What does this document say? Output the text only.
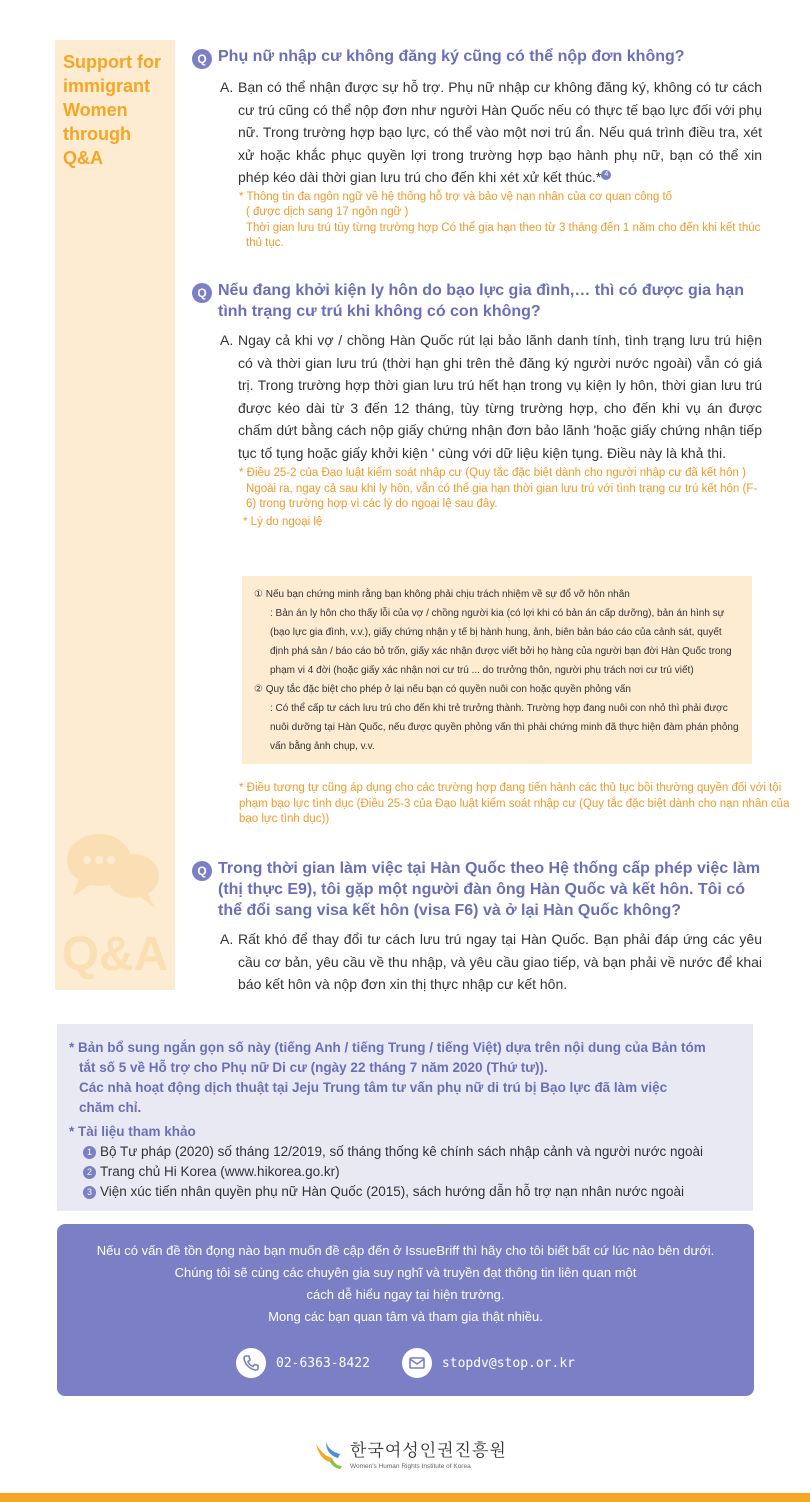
Support for
immigrant
Women
through
Q&A
Q&A
Q Phụ nữ nhập cư không đăng ký cũng có thể nộp đơn không?
A. Bạn có thể nhận được sự hỗ trợ. Phụ nữ nhập cư không đăng ký, không có tư cách cư trú cũng có thể nộp đơn như người Hàn Quốc nếu có thực tế bạo lực đối với phụ nữ. Trong trường hợp bạo lực, có thể vào một nơi trú ẩn. Nếu quá trình điều tra, xét xử hoặc khắc phục quyền lợi trong trường hợp bạo hành phụ nữ, bạn có thể xin phép kéo dài thời gian lưu trú cho đến khi xét xử kết thúc.* $^4$
* Thông tin đa ngôn ngữ về hệ thống hỗ trợ và bảo vệ nạn nhân của cơ quan công tố
( được dịch sang 17 ngôn ngữ )
Thời gian lưu trú tùy từng trường hợp Có thể gia hạn theo từ 3 tháng đến 1 năm cho đến khi kết thúc thủ tục.
Q Nếu đang khởi kiện ly hôn do bạo lực gia đình,… thì có được gia hạn tình trạng cư trú khi không có con không?
A. Ngay cả khi vợ / chồng Hàn Quốc rút lại bảo lãnh danh tính, tình trạng lưu trú hiện có và thời gian lưu trú (thời hạn ghi trên thẻ đăng ký người nước ngoài) vẫn có giá trị. Trong trường hợp thời gian lưu trú hết hạn trong vụ kiện ly hôn, thời gian lưu trú được kéo dài từ 3 đến 12 tháng, tùy từng trường hợp, cho đến khi vụ án được chấm dứt bằng cách nộp giấy chứng nhận đơn bảo lãnh 'hoặc giấy chứng nhận tiếp tục tố tụng hoặc giấy khởi kiện ' cùng với dữ liệu kiện tụng. Điều này là khả thi.
* Điều 25-2 của Đạo luật kiểm soát nhập cư (Quy tắc đặc biệt dành cho người nhập cư đã kết hôn )
Ngoài ra, ngay cả sau khi ly hôn, vẫn có thể gia hạn thời gian lưu trú với tình trạng cư trú kết hôn (F-6) trong trường hợp vì các lý do ngoại lệ sau đây.
* Lý do ngoại lệ
① Nếu bạn chứng minh rằng bạn không phải chịu trách nhiệm về sự đổ vỡ hôn nhân
: Bản án ly hôn cho thấy lỗi của vợ / chồng người kia (có lợi khi có bản án cấp dưỡng), bản án hình sự (bạo lực gia đình, v.v.), giấy chứng nhận y tế bị hành hung, ảnh, biên bản báo cáo của cảnh sát, quyết định phá sản / báo cáo bỏ trốn, giấy xác nhận được viết bởi họ hàng của người bạn đời Hàn Quốc trong phạm vi 4 đời (hoặc giấy xác nhận nơi cư trú ... do trưởng thôn, người phụ trách nơi cư trú viết)
② Quy tắc đặc biệt cho phép ở lại nếu bạn có quyền nuôi con hoặc quyền phỏng vấn
: Có thể cấp tư cách lưu trú cho đến khi trẻ trưởng thành. Trường hợp đang nuôi con nhỏ thì phải được nuôi dưỡng tại Hàn Quốc, nếu được quyền phỏng vấn thì phải chứng minh đã thực hiện đàm phán phỏng vấn bằng ảnh chụp, v.v.
* Điều tương tự cũng áp dụng cho các trường hợp đang tiến hành các thủ tục bồi thường quyền đối với tội phạm bạo lực tình dục (Điều 25-3 của Đạo luật kiểm soát nhập cư (Quy tắc đặc biệt dành cho nạn nhân của bạo lực tình dục))
Q Trong thời gian làm việc tại Hàn Quốc theo Hệ thống cấp phép việc làm (thị thực E9), tôi gặp một người đàn ông Hàn Quốc và kết hôn. Tôi có thể đổi sang visa kết hôn (visa F6) và ở lại Hàn Quốc không?
A. Rất khó để thay đổi tư cách lưu trú ngay tại Hàn Quốc. Bạn phải đáp ứng các yêu cầu cơ bản, yêu cầu về thu nhập, và yêu cầu giao tiếp, và bạn phải về nước để khai báo kết hôn và nộp đơn xin thị thực nhập cư kết hôn.
* Bản bổ sung ngắn gọn số này (tiếng Anh / tiếng Trung / tiếng Việt) dựa trên nội dung của Bản tóm
tắt số 5 về Hỗ trợ cho Phụ nữ Di cư (ngày 22 tháng 7 năm 2020 (Thứ tư)).
Các nhà hoạt động dịch thuật tại Jeju Trung tâm tư vấn phụ nữ di trú bị Bạo lực đã làm việc
chăm chỉ.
* Tài liệu tham khảo
1 Bộ Tư pháp (2020) số tháng 12/2019, số tháng thống kê chính sách nhập cảnh và người nước ngoài
2 Trang chủ Hi Korea (www.hikorea.go.kr)
3 Viện xúc tiến nhân quyền phụ nữ Hàn Quốc (2015), sách hướng dẫn hỗ trợ nạn nhân nước ngoài
Nếu có vấn đề tồn đọng nào bạn muốn đề cập đến ở IssueBriff thì hãy cho tôi biết bất cứ lúc nào bên dưới.
Chúng tôi sẽ cùng các chuyên gia suy nghĩ và truyền đạt thông tin liên quan một
cách dễ hiểu ngay tại hiện trường.
Mong các bạn quan tâm và tham gia thật nhiều.
02-6363-8422	stopdv@stop.or.kr
한국여성인권진흥원
Women's Human Rights Institute of Korea
